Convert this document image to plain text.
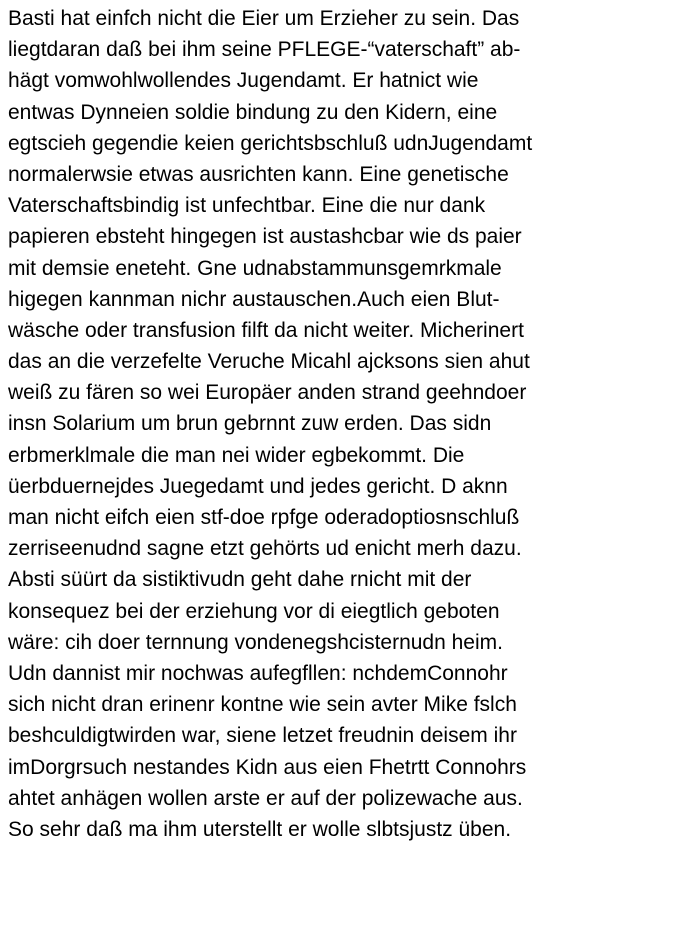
Basti hat einfch nicht die Eier um Erzieher zu sein. Das
liegtdaran daß bei ihm seine PFLEGE-“vaterschaft” ab-
hägt vomwohlwollendes Jugendamt. Er hatnict wie
entwas Dynneien soldie bindung zu den Kidern, eine
egtscieh gegendie keien gerichtsbschluß udnJugendamt
normalerwsie etwas ausrichten kann. Eine genetische
Vaterschaftsbindig ist unfechtbar. Eine die nur dank
papieren ebsteht hingegen ist austashcbar wie ds paier
mit demsie eneteht. Gne udnabstammunsgemrkmale
higegen kannman nichr austauschen.Auch eien Blut-
wäsche oder transfusion filft da nicht weiter. Micherinert
das an die verzefelte Veruche Micahl ajcksons sien ahut
weiß zu fären so wei Europäer anden strand geehndoer
insn Solarium um brun gebrnnt zuw erden. Das sidn
erbmerklmale die man nei wider egbekommt. Die
üerbduernejdes Juegedamt und jedes gericht. D aknn
man nicht eifch eien stf-doe rpfge oderadoptiosnschluß
zerriseenudnd sagne etzt gehörts ud enicht merh dazu.
Absti süürt da sistiktivudn geht dahe rnicht mit der
konsequez bei der erziehung vor di eiegtlich geboten
wäre: cih doer ternnung vondenegshcisternudn heim.
Udn dannist mir nochwas aufegfllen: nchdemConnohr
sich nicht dran erinenr kontne wie sein avter Mike fslch
beshculdigtwirden war, siene letzet freudnin deisem ihr
imDorgrsuch nestandes Kidn aus eien Fhetrtt Connohrs
ahtet anhägen wollen arste er auf der polizewache aus.
So sehr daß ma ihm uterstellt er wolle slbtsjustz üben.
